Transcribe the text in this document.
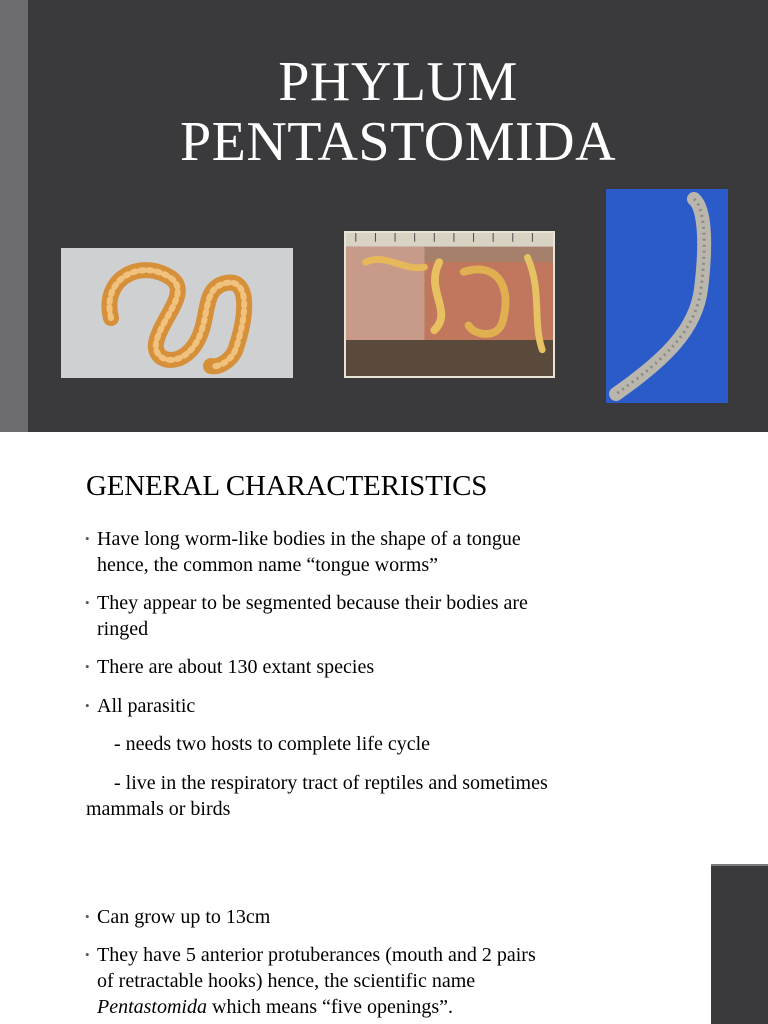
PHYLUM
PENTASTOMIDA
GENERAL CHARACTERISTICS
• Have long worm-like bodies in the shape of a tongue
hence, the common name “tongue worms”
• They appear to be segmented because their bodies are
ringed
• There are about 130 extant species
• All parasitic
- needs two hosts to complete life cycle
- live in the respiratory tract of reptiles and sometimes
mammals or birds
• Can grow up to 13cm
• They have 5 anterior protuberances (mouth and 2 pairs
of retractable hooks) hence, the scientific name
Pentastomida which means “five openings”.
